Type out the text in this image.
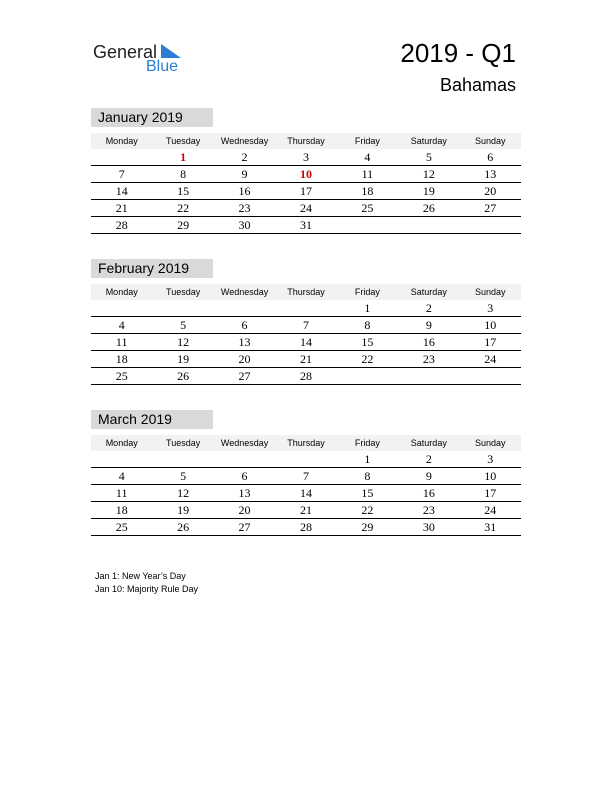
General
Blue	2019 - Q1
Bahamas
January 2019
Monday	Tuesday	Wednesday	Thursday	Friday	Saturday	Sunday
	1	2	3	4	5	6
7	8	9	10	11	12	13
14	15	16	17	18	19	20
21	22	23	24	25	26	27
28	29	30	31			
February 2019
Monday	Tuesday	Wednesday	Thursday	Friday	Saturday	Sunday
				1	2	3
4	5	6	7	8	9	10
11	12	13	14	15	16	17
18	19	20	21	22	23	24
25	26	27	28			
March 2019
Monday	Tuesday	Wednesday	Thursday	Friday	Saturday	Sunday
				1	2	3
4	5	6	7	8	9	10
11	12	13	14	15	16	17
18	19	20	21	22	23	24
25	26	27	28	29	30	31
Jan 1: New Year’s Day
Jan 10: Majority Rule Day
